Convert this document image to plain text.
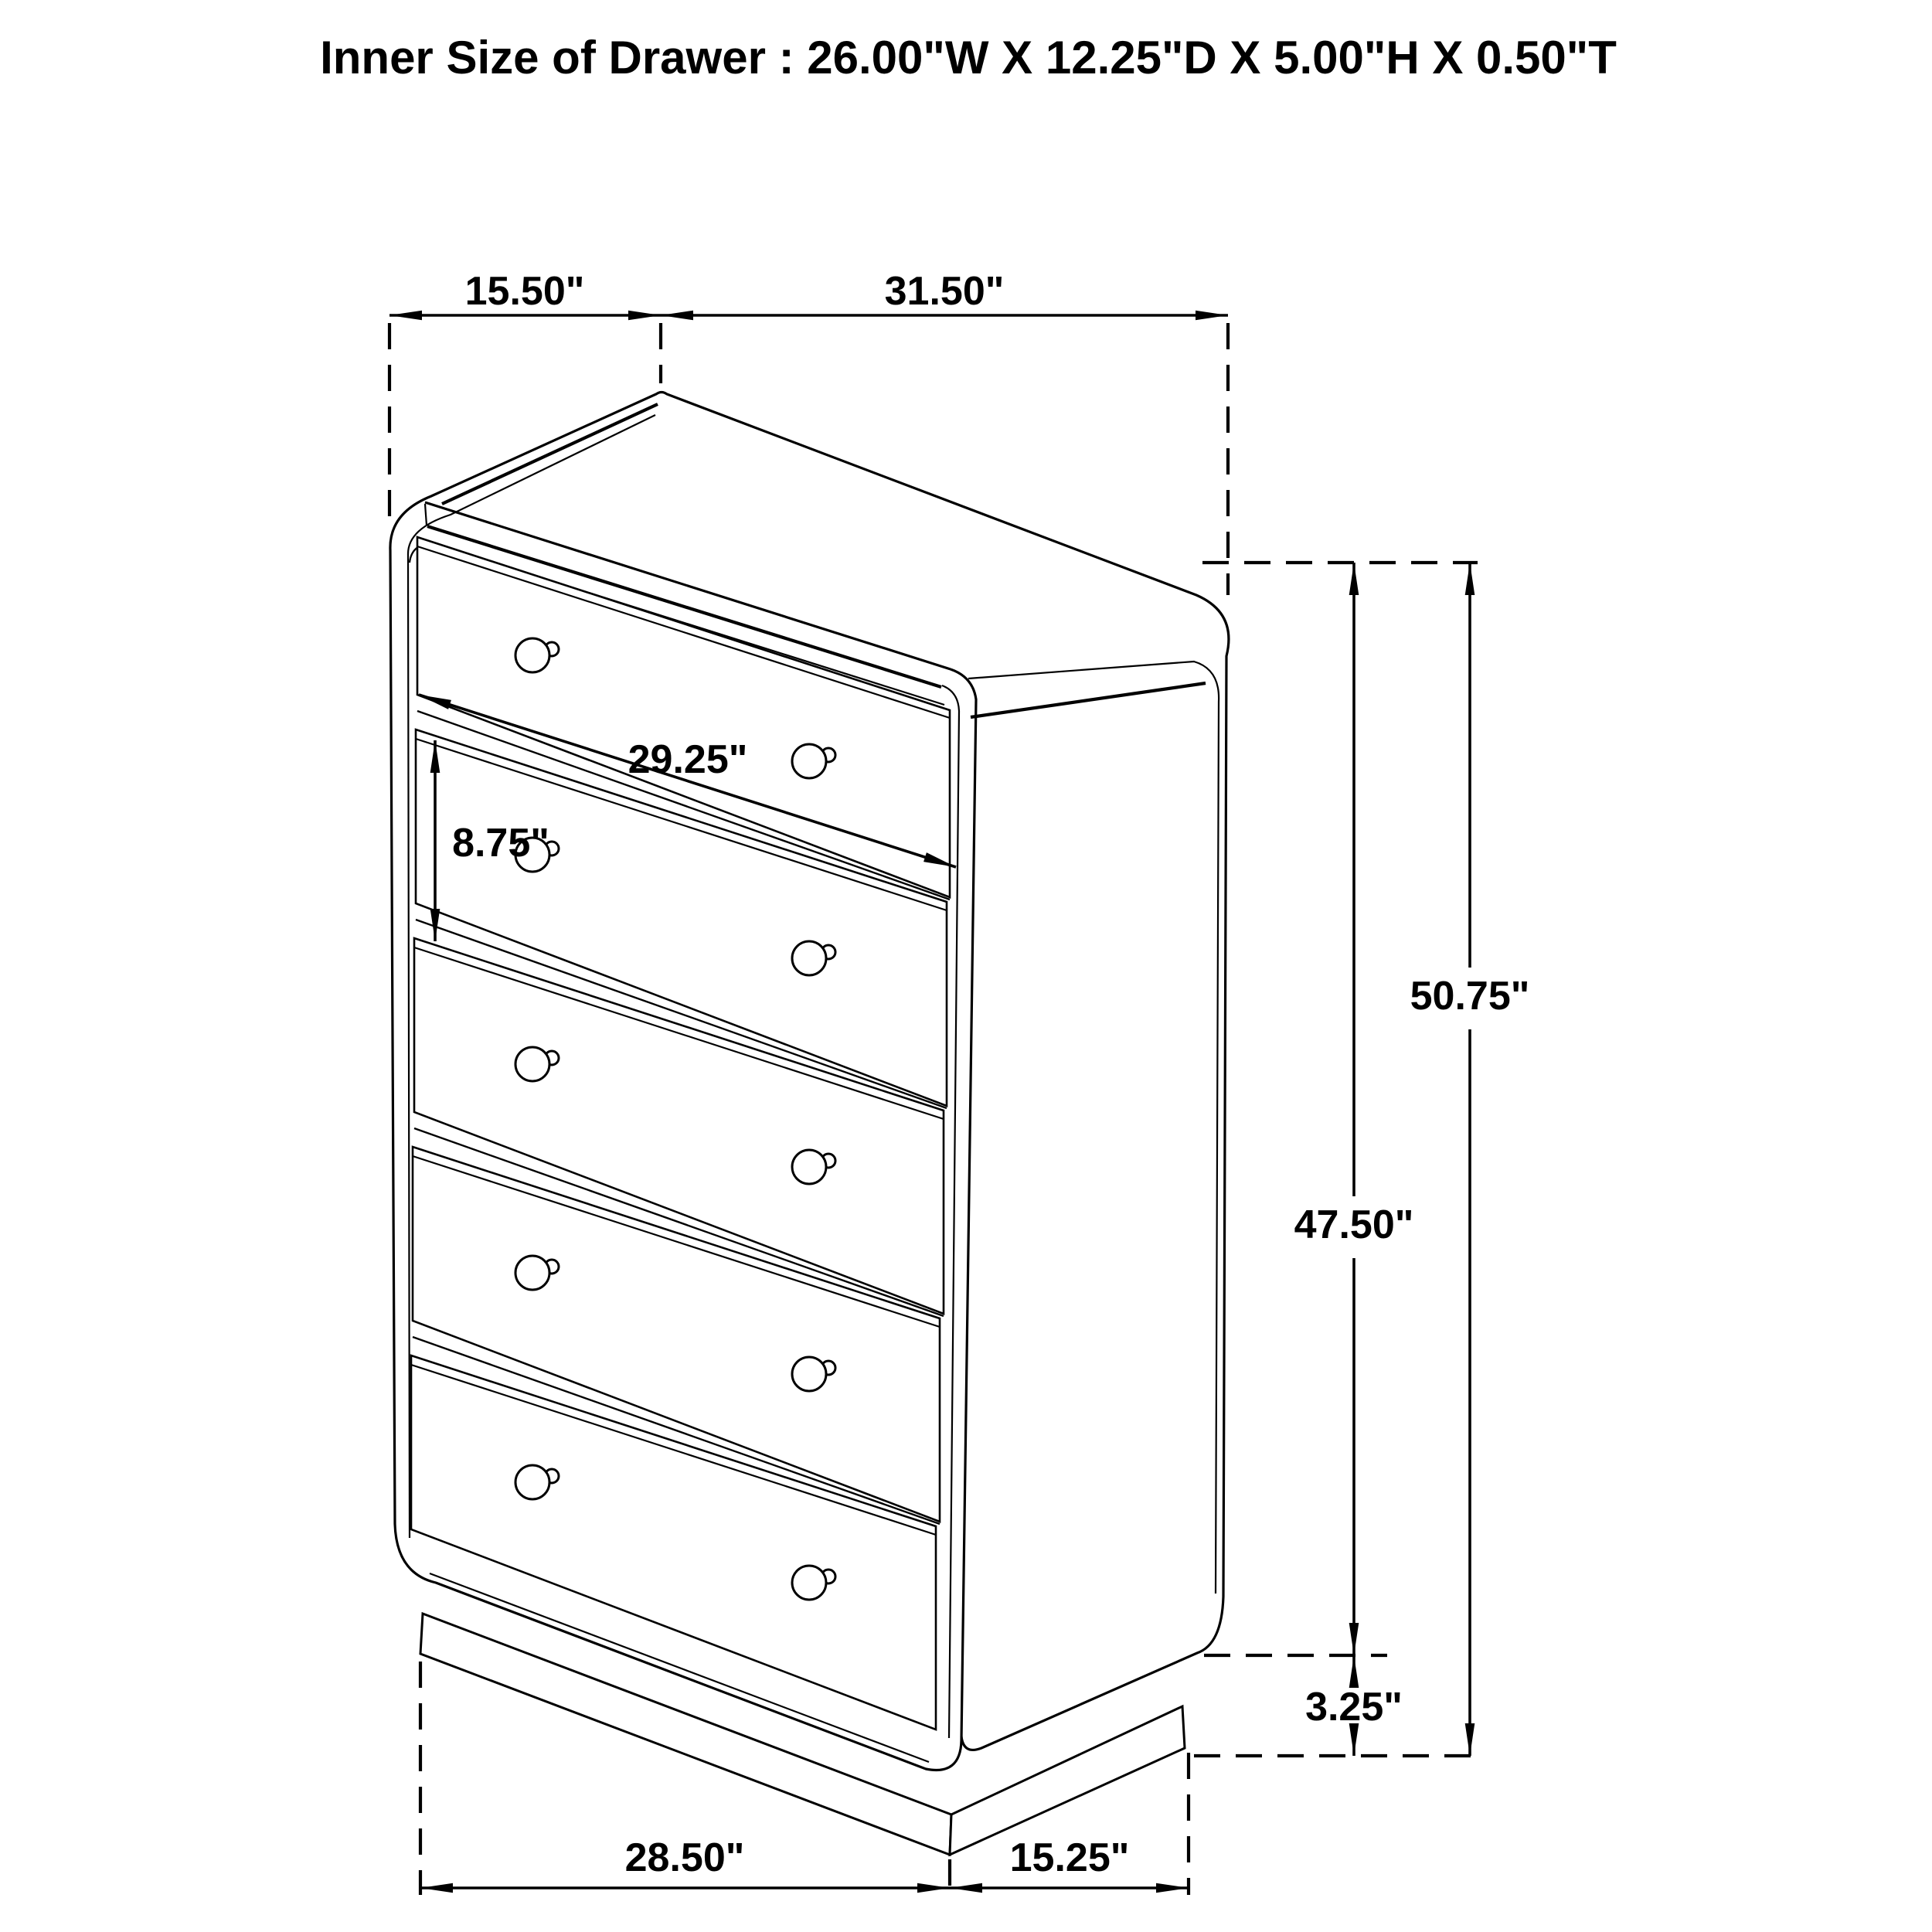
15.50"	31.50"
29.25"
8.75"
47.50"
50.75"
3.25"
28.50"	15.25"
Inner Size of Drawer : 26.00"W X 12.25"D X 5.00"H X 0.50"T
